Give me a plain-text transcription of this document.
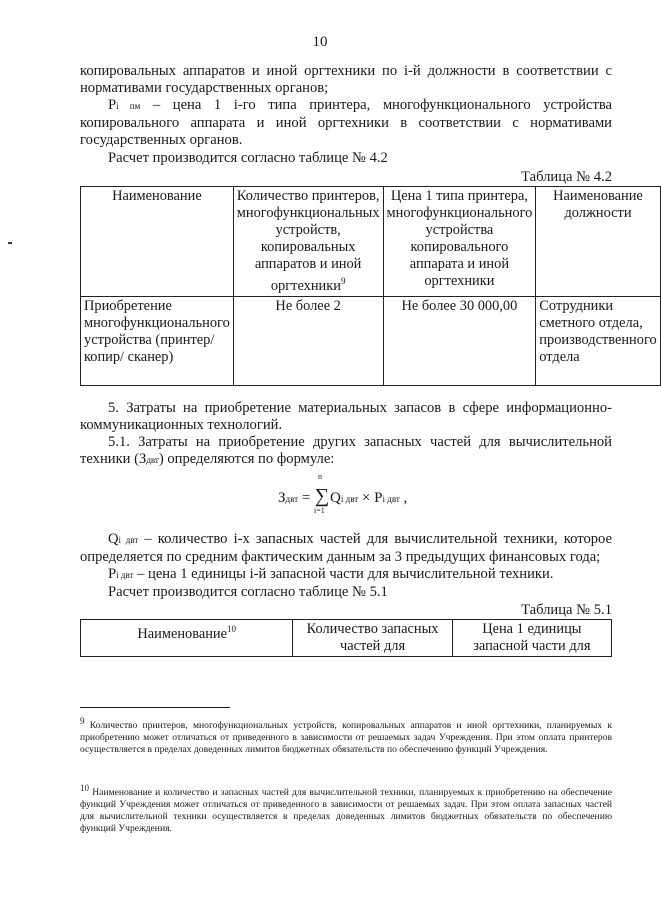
10

копировальных аппаратов и иной оргтехники по i-й должности в соответствии с нормативами государственных органов;

Pi пм – цена 1 i-го типа принтера, многофункционального устройства копировального аппарата и иной оргтехники в соответствии с нормативами государственных органов.

Расчет производится согласно таблице № 4.2

Таблица № 4.2
Наименование	Количество принтеров, многофункциональных устройств, копировальных аппаратов и иной оргтехники$^9$	Цена 1 типа принтера, многофункционального устройства копировального аппарата и иной оргтехники	Наименование должности
Приобретение многофункционального устройства (принтер/копир/ сканер)	Не более 2	Не более 30 000,00	Сотрудники сметного отдела, производственного отдела

5. Затраты на приобретение материальных запасов в сфере информационно-коммуникационных технологий.

5.1. Затраты на приобретение других запасных частей для вычислительной техники (Здвт) определяются по формуле:

Здвт =
n
∑
i=1
Qi двт × Pi двт ,

Qi двт – количество i-х запасных частей для вычислительной техники, которое определяется по средним фактическим данным за 3 предыдущих финансовых года;

Pi двт – цена 1 единицы i-й запасной части для вычислительной техники.

Расчет производится согласно таблице № 5.1

Таблица № 5.1
Наименование$^{10}$	Количество запасных частей для	Цена 1 единицы запасной части для
$^9$ Количество принтеров, многофункциональных устройств, копировальных аппаратов и иной оргтехники, планируемых к приобретению может отличаться от приведенного в зависимости от решаемых задач Учреждения. При этом оплата принтеров осуществляется в пределах доведенных лимитов бюджетных обязательств по обеспечению функций Учреждения.
$^{10}$ Наименование и количество и запасных частей для вычислительной техники, планируемых к приобретению на обеспечение функций Учреждения может отличаться от приведенного в зависимости от решаемых задач. При этом оплата запасных частей для вычислительной техники осуществляется в пределах доведенных лимитов бюджетных обязательств по обеспечению функций Учреждения.
